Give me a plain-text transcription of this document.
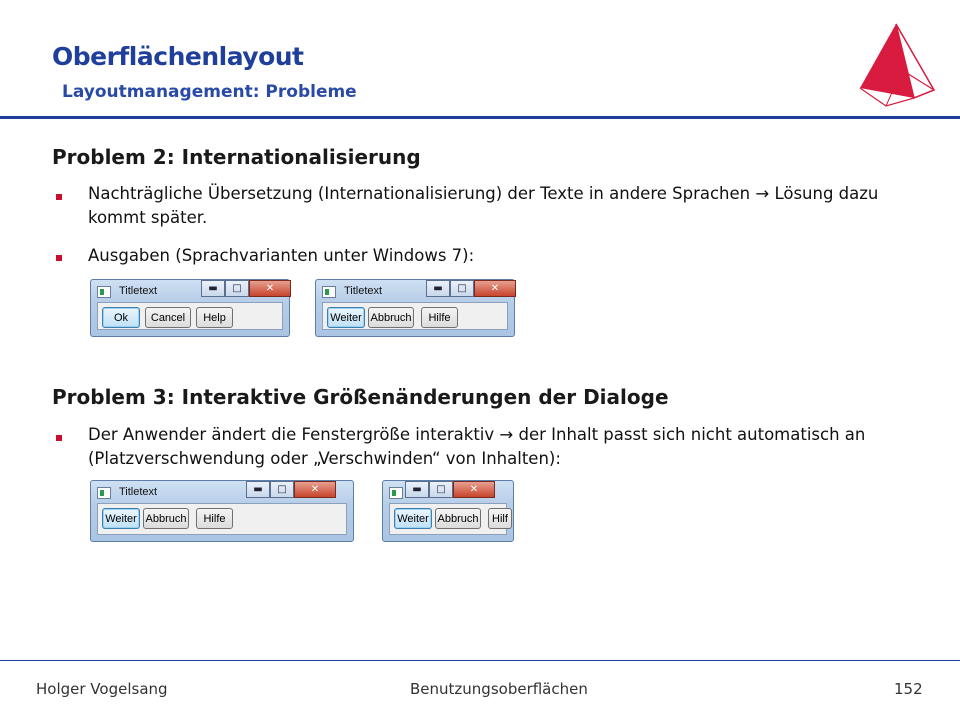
Oberflächenlayout
Layoutmanagement: Probleme
Problem 2: Internationalisierung
Nachträgliche Übersetzung (Internationalisierung) der Texte in andere Sprachen → Lösung dazu kommt später.
Ausgaben (Sprachvarianten unter Windows 7):
Titletext	▬	□	✕
Ok	Cancel	Help
Titletext	▬	□	✕
Weiter Abbruch	Hilfe
Problem 3: Interaktive Größenänderungen der Dialoge
Der Anwender ändert die Fenstergröße interaktiv → der Inhalt passt sich nicht automatisch an (Platzverschwendung oder „Verschwinden“ von Inhalten):
Titletext	▬	□	✕
Weiter Abbruch	Hilfe
▬	□	✕
Weiter Abbruch	Hilf
Holger Vogelsang	Benutzungsoberflächen	152
